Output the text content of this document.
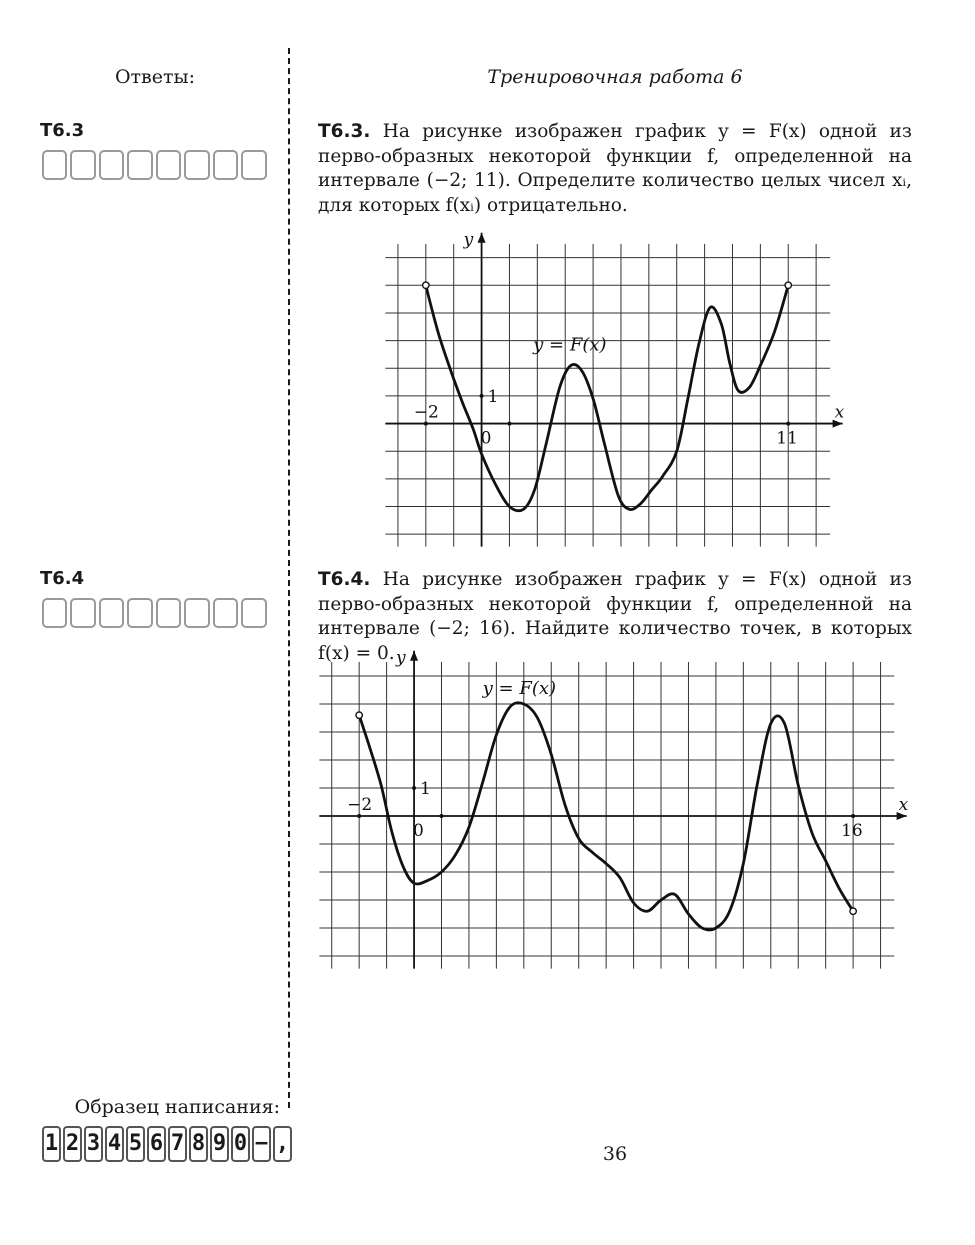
Ответы:	Тренировочная работа 6
Т6.3	Т6.3. На рисунке изображен график y = F(x) одной из перво-образных некоторой функции f, определенной на интервале (−2; 11). Определите количество целых чисел xᵢ, для которых f(xᵢ) отрицательно.
x
y
−2
0	11
1
y = F(x)
Т6.4	Т6.4. На рисунке изображен график y = F(x) одной из перво-образных некоторой функции f, определенной на интервале (−2; 16). Найдите количество точек, в которых f(x) = 0.
x
y
−2
0	16
1
y = F(x)
Образец написания:
1 2 3 4 5 6 7 8 9 0 − ,	36
